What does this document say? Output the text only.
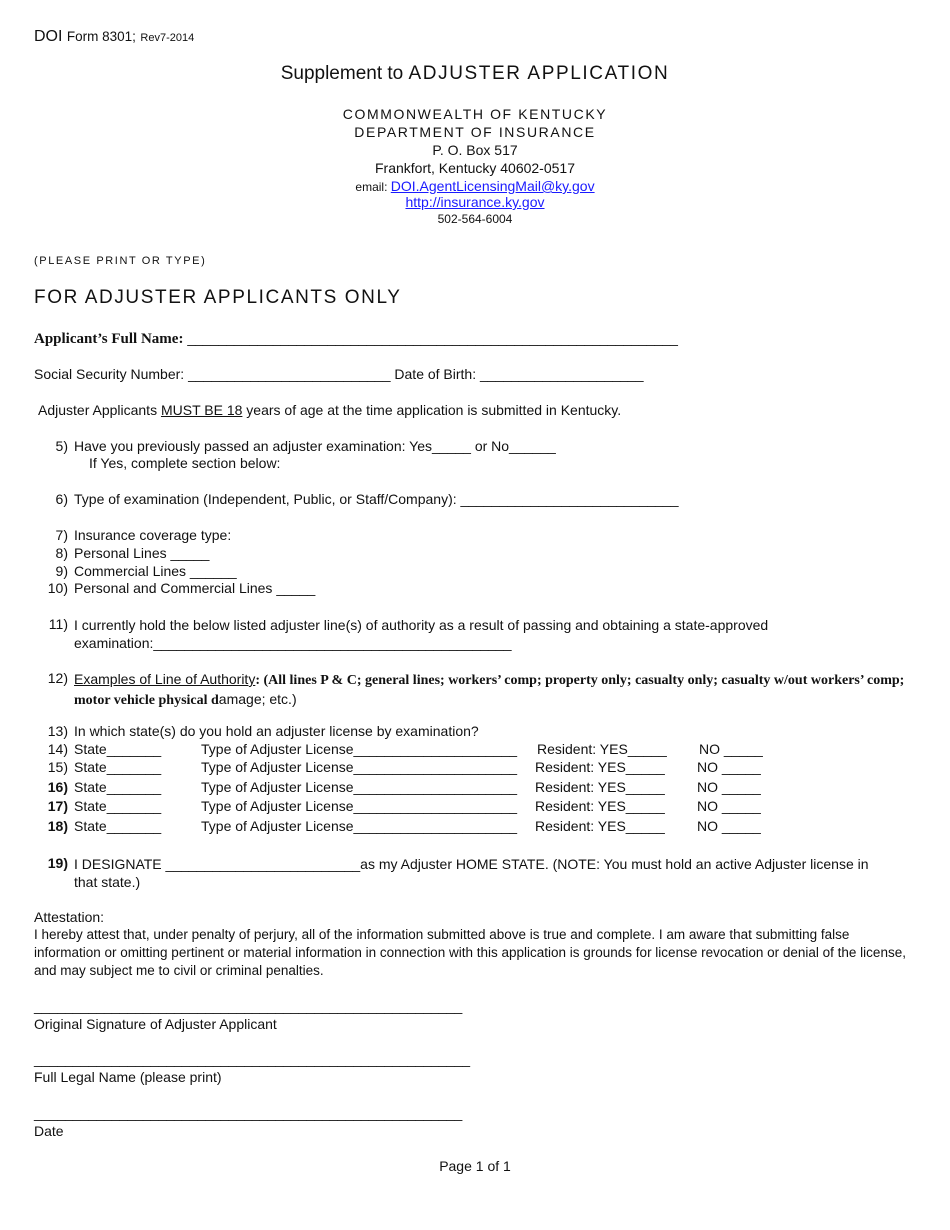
DOI Form 8301; Rev7-2014
Supplement to ADJUSTER APPLICATION
COMMONWEALTH OF KENTUCKY
DEPARTMENT OF INSURANCE
P. O. Box 517
Frankfort, Kentucky 40602-0517
email: DOI.AgentLicensingMail@ky.gov
http://insurance.ky.gov
502-564-6004
(PLEASE PRINT OR TYPE)
FOR ADJUSTER APPLICANTS ONLY
Applicant’s Full Name: _______________________________________________________________
Social Security Number: __________________________ Date of Birth: _____________________
Adjuster Applicants MUST BE 18 years of age at the time application is submitted in Kentucky.
5) Have you previously passed an adjuster examination: Yes_____ or No______
If Yes, complete section below:
6) Type of examination (Independent, Public, or Staff/Company): ____________________________
7) Insurance coverage type:
8) Personal Lines _____
9) Commercial Lines ______
10) Personal and Commercial Lines _____
11) I currently hold the below listed adjuster line(s) of authority as a result of passing and obtaining a state-approved examination:______________________________________________
12) Examples of Line of Authority: (All lines P & C; general lines; workers’ comp; property only; casualty only; casualty w/out workers’ comp; motor vehicle physical damage; etc.)
13) In which state(s) do you hold an adjuster license by examination?
14) State_______	Type of Adjuster License_____________________ Resident: YES_____ NO _____
15) State_______	Type of Adjuster License_____________________ Resident: YES_____ NO _____
16) State_______	Type of Adjuster License_____________________ Resident: YES_____ NO _____
17) State_______	Type of Adjuster License_____________________ Resident: YES_____ NO _____
18) State_______	Type of Adjuster License_____________________ Resident: YES_____ NO _____
19) I DESIGNATE _________________________as my Adjuster HOME STATE. (NOTE: You must hold an active Adjuster license in that state.)
Attestation:
I hereby attest that, under penalty of perjury, all of the information submitted above is true and complete. I am aware that submitting false information or omitting pertinent or material information in connection with this application is grounds for license revocation or denial of the license, and may subject me to civil or criminal penalties.
_______________________________________________________
Original Signature of Adjuster Applicant
________________________________________________________
Full Legal Name (please print)
_______________________________________________________
Date
Page 1 of 1
